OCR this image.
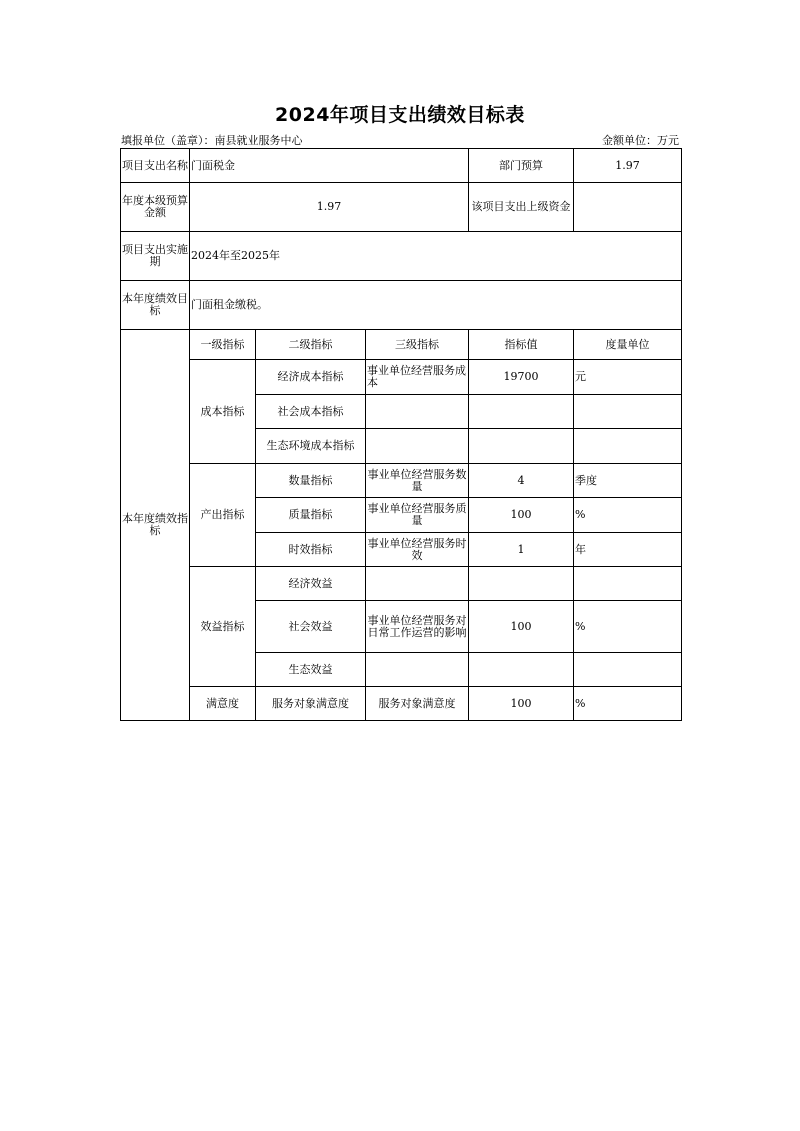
2024年项目支出绩效目标表
填报单位（盖章）：南县就业服务中心	金额单位：万元
项目支出名称	门面税金			部门预算	1.97
年度本级预算金额	1.97			该项目支出上级资金	
项目支出实施期	2024年至2025年				
本年度绩效目标	门面租金缴税。				
本年度绩效指标	一级指标	二级指标	三级指标	指标值	度量单位
	成本指标	经济成本指标	事业单位经营服务成本	19700	元
		社会成本指标			
		生态环境成本指标			
	产出指标	数量指标	事业单位经营服务数量	4	季度
		质量指标	事业单位经营服务质量	100	%
		时效指标	事业单位经营服务时效	1	年
	效益指标	经济效益			
		社会效益	事业单位经营服务对日常工作运营的影响	100	%
		生态效益			
	满意度	服务对象满意度	服务对象满意度	100	%
